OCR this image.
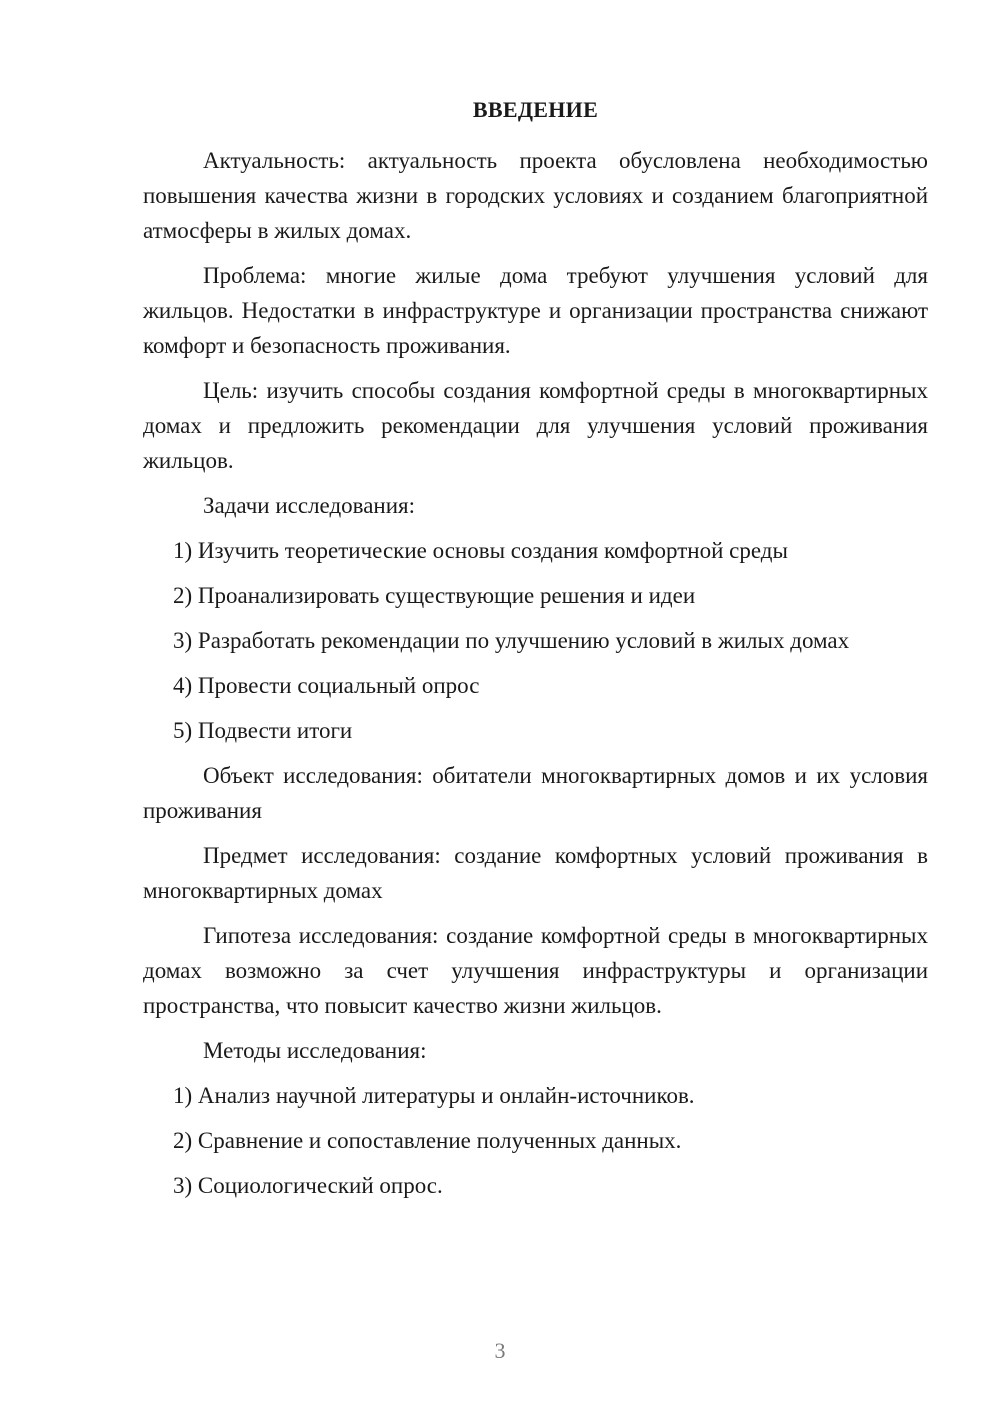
ВВЕДЕНИЕ

Актуальность: актуальность проекта обусловлена необходимостью повышения качества жизни в городских условиях и созданием благоприятной атмосферы в жилых домах.

Проблема: многие жилые дома требуют улучшения условий для жильцов. Недостатки в инфраструктуре и организации пространства снижают комфорт и безопасность проживания.

Цель: изучить способы создания комфортной среды в многоквартирных домах и предложить рекомендации для улучшения условий проживания жильцов.

Задачи исследования:

1) Изучить теоретические основы создания комфортной среды
2) Проанализировать существующие решения и идеи
3) Разработать рекомендации по улучшению условий в жилых домах
4) Провести социальный опрос
5) Подвести итоги

Объект исследования: обитатели многоквартирных домов и их условия проживания

Предмет исследования: создание комфортных условий проживания в многоквартирных домах

Гипотеза исследования: создание комфортной среды в многоквартирных домах возможно за счет улучшения инфраструктуры и организации пространства, что повысит качество жизни жильцов.

Методы исследования:

1) Анализ научной литературы и онлайн-источников.
2) Сравнение и сопоставление полученных данных.
3) Социологический опрос.
3
